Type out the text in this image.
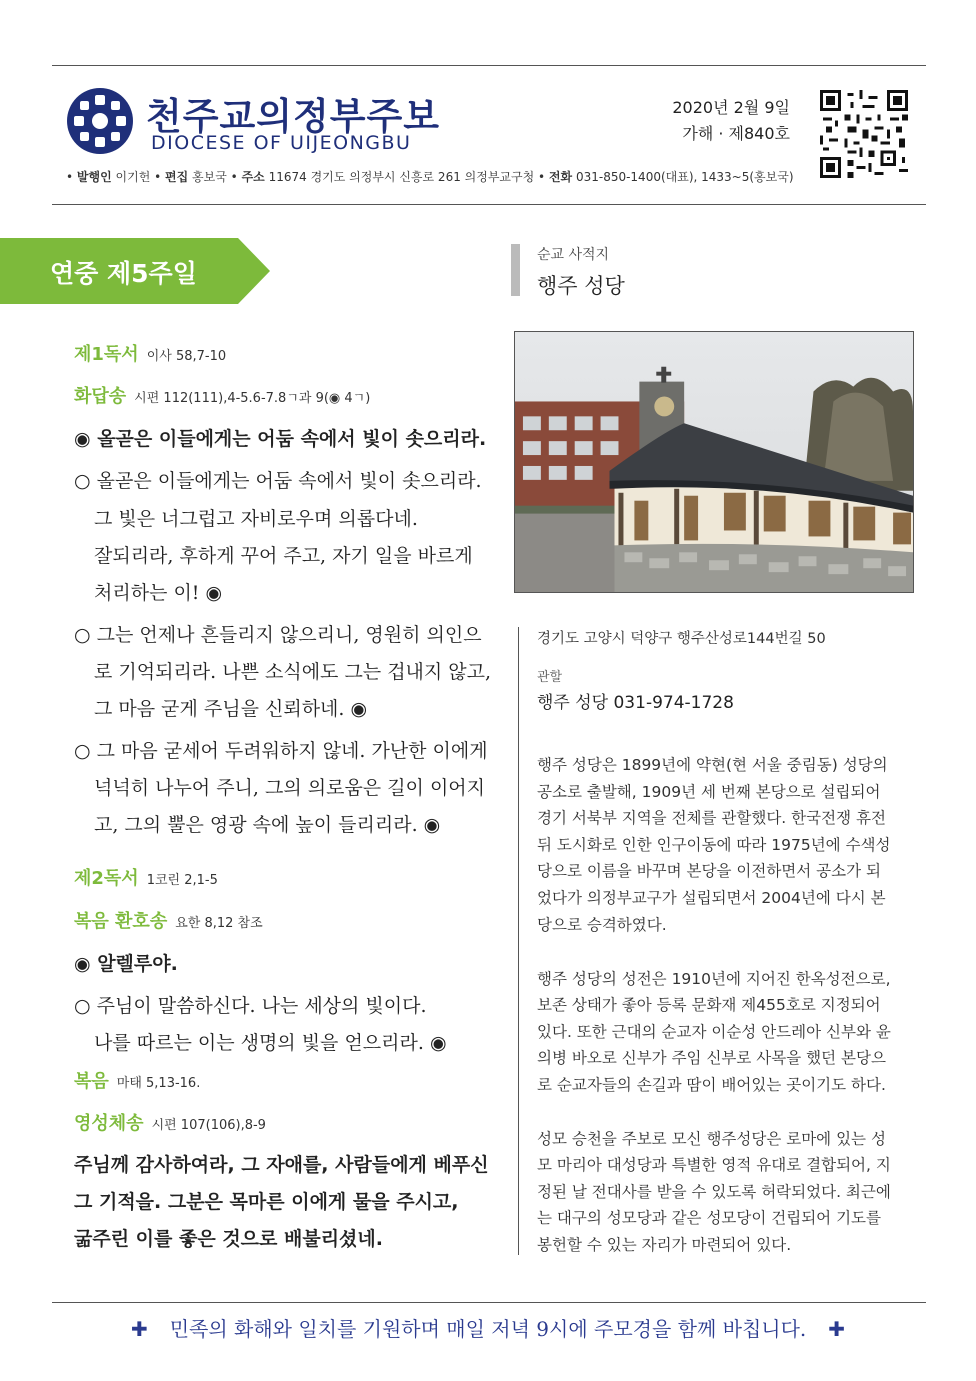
천주교의정부주보
DIOCESE OF UIJEONGBU
2020년 2월 9일
가해 · 제840호
• 발행인 이기헌 • 편집 홍보국 • 주소 11674 경기도 의정부시 신흥로 261 의정부교구청 • 전화 031-850-1400(대표), 1433~5(홍보국)
연중 제5주일
제1독서 이사 58,7-10
화답송 시편 112(111),4-5.6-7.8ㄱ과 9(◉ 4ㄱ)
◉ 올곧은 이들에게는 어둠 속에서 빛이 솟으리라.
○ 올곧은 이들에게는 어둠 속에서 빛이 솟으리라.
그 빛은 너그럽고 자비로우며 의롭다네.
잘되리라, 후하게 꾸어 주고, 자기 일을 바르게
처리하는 이! ◉
○ 그는 언제나 흔들리지 않으리니, 영원히 의인으
로 기억되리라. 나쁜 소식에도 그는 겁내지 않고,
그 마음 굳게 주님을 신뢰하네. ◉
○ 그 마음 굳세어 두려워하지 않네. 가난한 이에게
넉넉히 나누어 주니, 그의 의로움은 길이 이어지
고, 그의 뿔은 영광 속에 높이 들리리라. ◉
제2독서 1코린 2,1-5
복음 환호송 요한 8,12 참조
◉ 알렐루야.
○ 주님이 말씀하신다. 나는 세상의 빛이다.
나를 따르는 이는 생명의 빛을 얻으리라. ◉
복음 마태 5,13-16.
영성체송 시편 107(106),8-9
주님께 감사하여라, 그 자애를, 사람들에게 베푸신
그 기적을. 그분은 목마른 이에게 물을 주시고,
굶주린 이를 좋은 것으로 배불리셨네.
순교 사적지
행주 성당
경기도 고양시 덕양구 행주산성로144번길 50
관할
행주 성당 031-974-1728
행주 성당은 1899년에 약현(현 서울 중림동) 성당의
공소로 출발해, 1909년 세 번째 본당으로 설립되어
경기 서북부 지역을 전체를 관할했다. 한국전쟁 휴전
뒤 도시화로 인한 인구이동에 따라 1975년에 수색성
당으로 이름을 바꾸며 본당을 이전하면서 공소가 되
었다가 의정부교구가 설립되면서 2004년에 다시 본
당으로 승격하였다.
행주 성당의 성전은 1910년에 지어진 한옥성전으로,
보존 상태가 좋아 등록 문화재 제455호로 지정되어
있다. 또한 근대의 순교자 이순성 안드레아 신부와 윤
의병 바오로 신부가 주임 신부로 사목을 했던 본당으
로 순교자들의 손길과 땀이 배어있는 곳이기도 하다.
성모 승천을 주보로 모신 행주성당은 로마에 있는 성
모 마리아 대성당과 특별한 영적 유대로 결합되어, 지
정된 날 전대사를 받을 수 있도록 허락되었다. 최근에
는 대구의 성모당과 같은 성모당이 건립되어 기도를
봉헌할 수 있는 자리가 마련되어 있다.
✚ 민족의 화해와 일치를 기원하며 매일 저녁 9시에 주모경을 함께 바칩니다. ✚
